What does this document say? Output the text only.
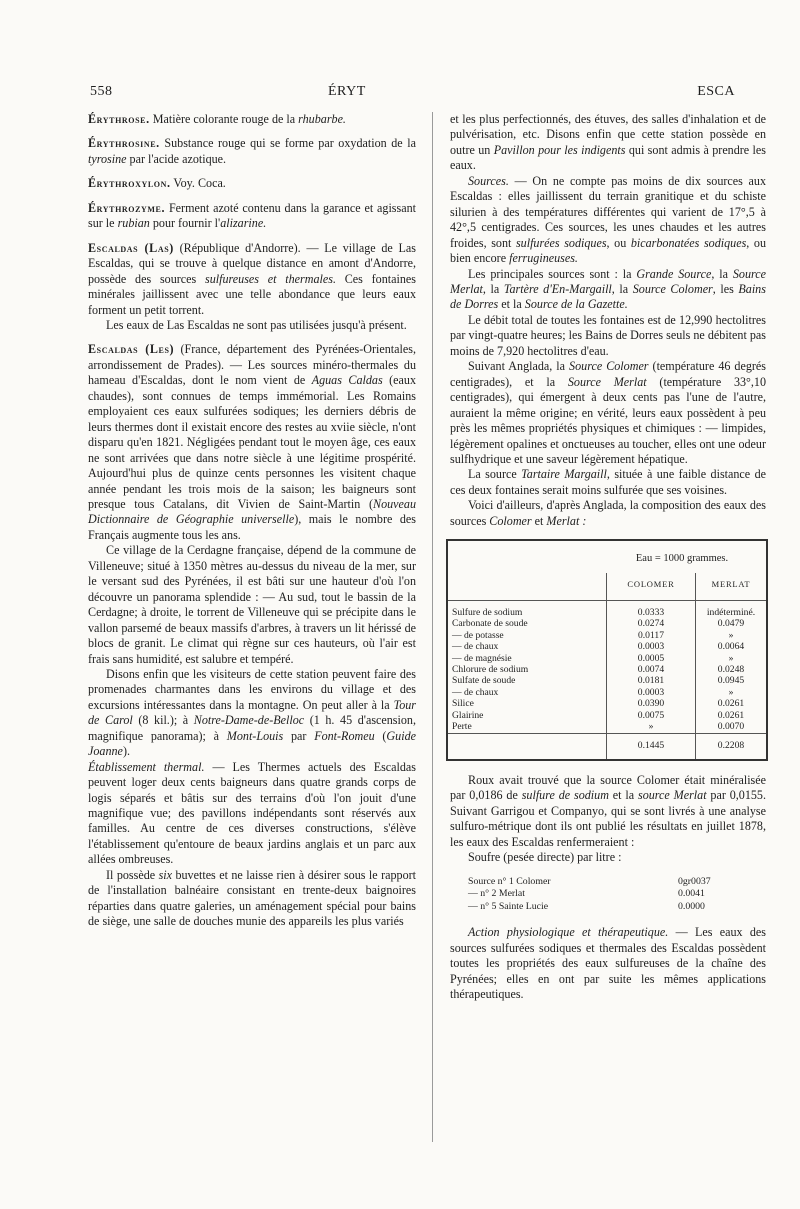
558	ÉRYT	ESCA

Érythrose. Matière colorante rouge de la rhubarbe.

Érythrosine. Substance rouge qui se forme par oxydation de la tyrosine par l'acide azotique.

Érythroxylon. Voy. Coca.

Érythrozyme. Ferment azoté contenu dans la garance et agissant sur le rubian pour fournir l'alizarine.

Escaldas (Las) (République d'Andorre). — Le village de Las Escaldas, qui se trouve à quelque distance en amont d'Andorre, possède des sources sulfureuses et thermales. Ces fontaines minérales jaillissent avec une telle abondance que leurs eaux forment un petit torrent.

Les eaux de Las Escaldas ne sont pas utilisées jusqu'à présent.

Escaldas (Les) (France, département des Pyrénées-Orientales, arrondissement de Prades). — Les sources minéro-thermales du hameau d'Escaldas, dont le nom vient de Aguas Caldas (eaux chaudes), sont connues de temps immémorial. Les Romains employaient ces eaux sulfurées sodiques; les derniers débris de leurs thermes dont il existait encore des restes au xviie siècle, n'ont disparu qu'en 1821. Négligées pendant tout le moyen âge, ces eaux ne sont arrivées que dans notre siècle à une légitime prospérité. Aujourd'hui plus de quinze cents personnes les visitent chaque année pendant les trois mois de la saison; les baigneurs sont presque tous Catalans, dit Vivien de Saint-Martin (Nouveau Dictionnaire de Géographie universelle), mais le nombre des Français augmente tous les ans.

Ce village de la Cerdagne française, dépend de la commune de Villeneuve; situé à 1350 mètres au-dessus du niveau de la mer, sur le versant sud des Pyrénées, il est bâti sur une hauteur d'où l'on découvre un panorama splendide : — Au sud, tout le bassin de la Cerdagne; à droite, le torrent de Villeneuve qui se précipite dans le vallon parsemé de beaux massifs d'arbres, à travers un lit hérissé de blocs de granit. Le climat qui règne sur ces hauteurs, où l'air est frais sans humidité, est salubre et tempéré.

Disons enfin que les visiteurs de cette station peuvent faire des promenades charmantes dans les environs du village et des excursions intéressantes dans la montagne. On peut aller à la Tour de Carol (8 kil.); à Notre-Dame-de-Belloc (1 h. 45 d'ascension, magnifique panorama); à Mont-Louis par Font-Romeu (Guide Joanne).

Établissement thermal. — Les Thermes actuels des Escaldas peuvent loger deux cents baigneurs dans quatre grands corps de logis séparés et bâtis sur des terrains d'où l'on jouit d'une magnifique vue; des pavillons indépendants sont réservés aux familles. Au centre de ces diverses constructions, s'élève l'établissement qu'entoure de beaux jardins anglais et un parc aux allées ombreuses.

Il possède six buvettes et ne laisse rien à désirer sous le rapport de l'installation balnéaire consistant en trente-deux baignoires réparties dans quatre galeries, un aménagement spécial pour bains de siège, une salle de douches munie des appareils les plus variés

et les plus perfectionnés, des étuves, des salles d'inhalation et de pulvérisation, etc. Disons enfin que cette station possède en outre un Pavillon pour les indigents qui sont admis à prendre les eaux.

Sources. — On ne compte pas moins de dix sources aux Escaldas : elles jaillissent du terrain granitique et du schiste silurien à des températures différentes qui varient de 17°,5 à 42°,5 centigrades. Ces sources, les unes chaudes et les autres froides, sont sulfurées sodiques, ou bicarbonatées sodiques, ou bien encore ferrugineuses.

Les principales sources sont : la Grande Source, la Source Merlat, la Tartère d'En-Margaill, la Source Colomer, les Bains de Dorres et la Source de la Gazette.

Le débit total de toutes les fontaines est de 12,990 hectolitres par vingt-quatre heures; les Bains de Dorres seuls ne débitent pas moins de 7,920 hectolitres d'eau.

Suivant Anglada, la Source Colomer (température 46 degrés centigrades), et la Source Merlat (température 33°,10 centigrades), qui émergent à deux cents pas l'une de l'autre, auraient la même origine; en vérité, leurs eaux possèdent à peu près les mêmes propriétés physiques et chimiques : — limpides, légèrement opalines et onctueuses au toucher, elles ont une odeur sulfhydrique et une saveur légèrement hépatique.

La source Tartaire Margaill, située à une faible distance de ces deux fontaines serait moins sulfurée que ses voisines.

Voici d'ailleurs, d'après Anglada, la composition des eaux des sources Colomer et Merlat :

Eau = 1000 grammes.
	COLOMER	MERLAT
Sulfure de sodium	0.0333	indéterminé.
Carbonate de soude	0.0274	0.0479
— de potasse	0.0117	»
— de chaux	0.0003	0.0064
— de magnésie	0.0005	»
Chlorure de sodium	0.0074	0.0248
Sulfate de soude	0.0181	0.0945
— de chaux	0.0003	»
Silice	0.0390	0.0261
Glairine	0.0075	0.0261
Perte	»	0.0070
	0.1445	0.2208

Roux avait trouvé que la source Colomer était minéralisée par 0,0186 de sulfure de sodium et la source Merlat par 0,0155. Suivant Garrigou et Companyo, qui se sont livrés à une analyse sulfuro-métrique dont ils ont publié les résultats en juillet 1878, les eaux des Escaldas renfermeraient :

Soufre (pesée directe) par litre :

Source n° 1 Colomer	0gr0037
— n° 2 Merlat	0.0041
— n° 5 Sainte Lucie	0.0000

Action physiologique et thérapeutique. — Les eaux des sources sulfurées sodiques et thermales des Escaldas possèdent toutes les propriétés des eaux sulfureuses de la chaîne des Pyrénées; elles en ont par suite les mêmes applications thérapeutiques.
